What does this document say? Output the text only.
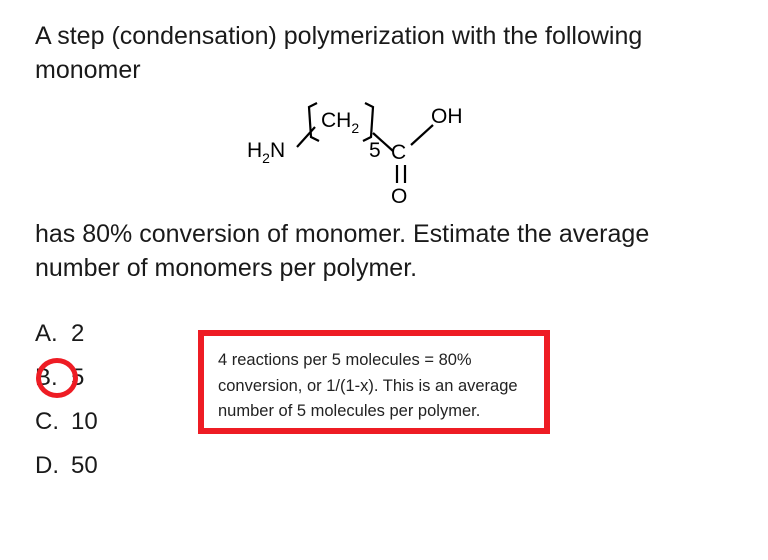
A step (condensation) polymerization with the following monomer
$H_2N$
$CH_2$
5 C
O
OH
has 80% conversion of monomer. Estimate the average number of monomers per polymer.
A. 2
B. 5
C. 10
D. 50
4 reactions per 5 molecules = 80% conversion, or 1/(1-x). This is an average number of 5 molecules per polymer.
